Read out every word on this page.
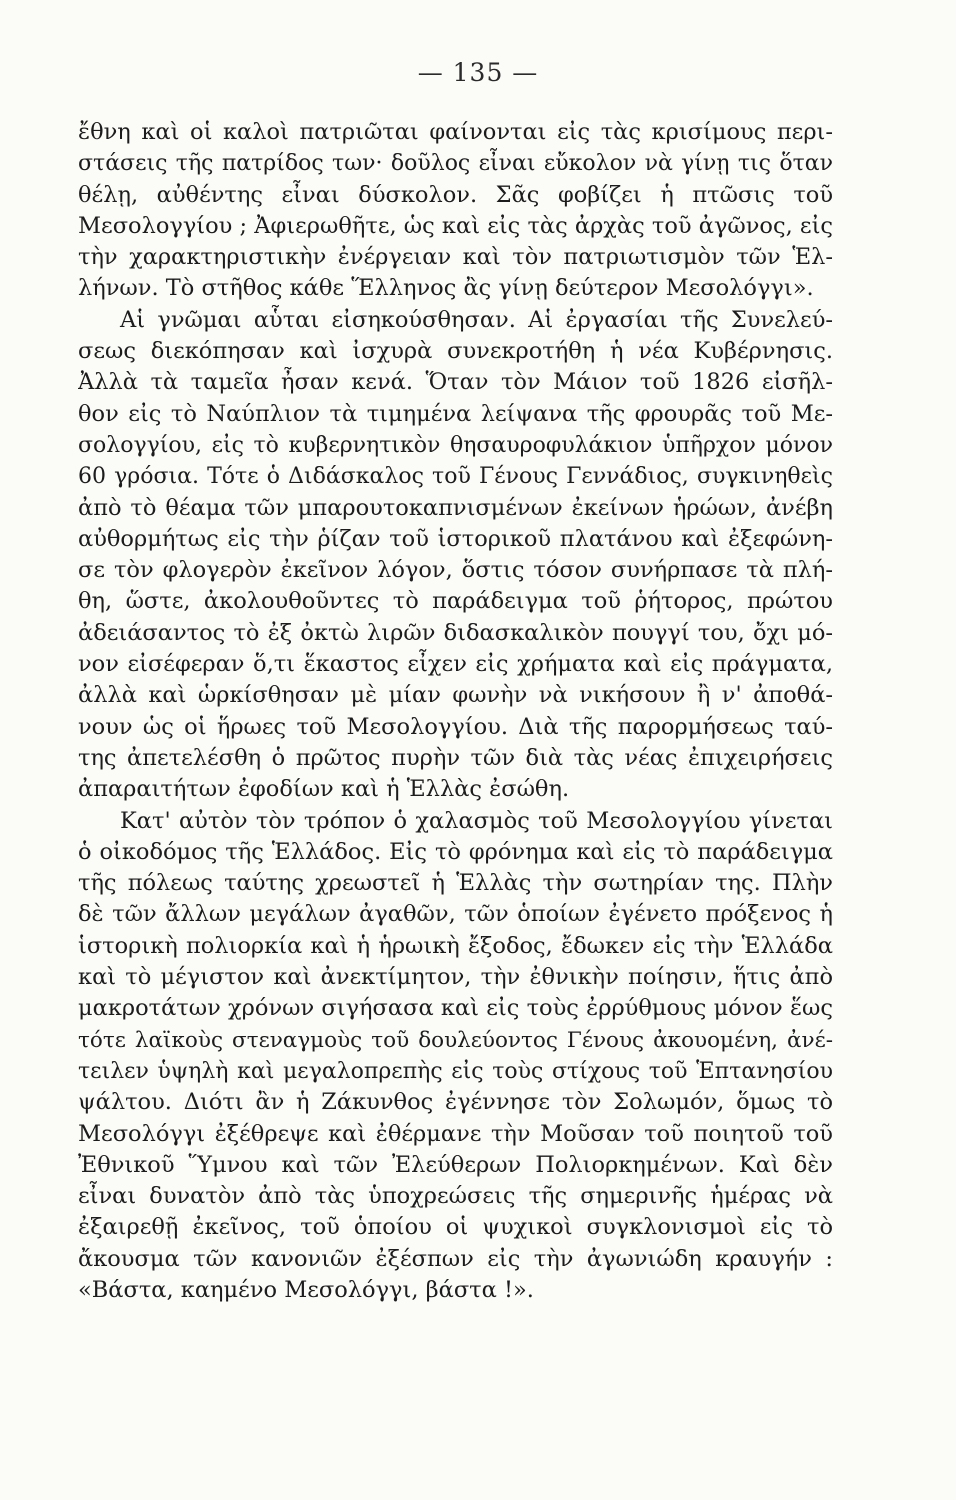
— 135 —
ἔθνη καὶ οἱ καλοὶ πατριῶται φαίνονται εἰς τὰς κρισίμους περι-
στάσεις τῆς πατρίδος των· δοῦλος εἶναι εὔκολον νὰ γίνῃ τις ὅταν
θέλῃ, αὐθέντης εἶναι δύσκολον. Σᾶς φοβίζει ἡ πτῶσις τοῦ
Μεσολογγίου ; Ἀφιερωθῆτε, ὡς καὶ εἰς τὰς ἀρχὰς τοῦ ἀγῶνος, εἰς
τὴν χαρακτηριστικὴν ἐνέργειαν καὶ τὸν πατριωτισμὸν τῶν Ἑλ-
λήνων. Τὸ στῆθος κάθε Ἕλληνος ἂς γίνῃ δεύτερον Μεσολόγγι».
Αἱ γνῶμαι αὗται εἰσηκούσθησαν. Αἱ ἐργασίαι τῆς Συνελεύ-
σεως διεκόπησαν καὶ ἰσχυρὰ συνεκροτήθη ἡ νέα Κυβέρνησις.
Ἀλλὰ τὰ ταμεῖα ἦσαν κενά. Ὅταν τὸν Μάιον τοῦ 1826 εἰσῆλ-
θον εἰς τὸ Ναύπλιον τὰ τιμημένα λείψανα τῆς φρουρᾶς τοῦ Με-
σολογγίου, εἰς τὸ κυβερνητικὸν θησαυροφυλάκιον ὑπῆρχον μόνον
60 γρόσια. Τότε ὁ Διδάσκαλος τοῦ Γένους Γεννάδιος, συγκινηθεὶς
ἀπὸ τὸ θέαμα τῶν μπαρουτοκαπνισμένων ἐκείνων ἡρώων, ἀνέβη
αὐθορμήτως εἰς τὴν ῥίζαν τοῦ ἱστορικοῦ πλατάνου καὶ ἐξεφώνη-
σε τὸν φλογερὸν ἐκεῖνον λόγον, ὅστις τόσον συνήρπασε τὰ πλή-
θη, ὥστε, ἀκολουθοῦντες τὸ παράδειγμα τοῦ ῥήτορος, πρώτου
ἀδειάσαντος τὸ ἐξ ὀκτὼ λιρῶν διδασκαλικὸν πουγγί του, ὄχι μό-
νον εἰσέφεραν ὅ,τι ἕκαστος εἶχεν εἰς χρήματα καὶ εἰς πράγματα,
ἀλλὰ καὶ ὡρκίσθησαν μὲ μίαν φωνὴν νὰ νικήσουν ἢ ν' ἀποθά-
νουν ὡς οἱ ἥρωες τοῦ Μεσολογγίου. Διὰ τῆς παρορμήσεως ταύ-
της ἀπετελέσθη ὁ πρῶτος πυρὴν τῶν διὰ τὰς νέας ἐπιχειρήσεις
ἀπαραιτήτων ἐφοδίων καὶ ἡ Ἑλλὰς ἐσώθη.
Κατ' αὐτὸν τὸν τρόπον ὁ χαλασμὸς τοῦ Μεσολογγίου γίνεται
ὁ οἰκοδόμος τῆς Ἑλλάδος. Εἰς τὸ φρόνημα καὶ εἰς τὸ παράδειγμα
τῆς πόλεως ταύτης χρεωστεῖ ἡ Ἑλλὰς τὴν σωτηρίαν της. Πλὴν
δὲ τῶν ἄλλων μεγάλων ἀγαθῶν, τῶν ὁποίων ἐγένετο πρόξενος ἡ
ἱστορικὴ πολιορκία καὶ ἡ ἡρωικὴ ἔξοδος, ἔδωκεν εἰς τὴν Ἑλλάδα
καὶ τὸ μέγιστον καὶ ἀνεκτίμητον, τὴν ἐθνικὴν ποίησιν, ἥτις ἀπὸ
μακροτάτων χρόνων σιγήσασα καὶ εἰς τοὺς ἐρρύθμους μόνον ἕως
τότε λαϊκοὺς στεναγμοὺς τοῦ δουλεύοντος Γένους ἀκουομένη, ἀνέ-
τειλεν ὑψηλὴ καὶ μεγαλοπρεπὴς εἰς τοὺς στίχους τοῦ Ἑπτανησίου
ψάλτου. Διότι ἂν ἡ Ζάκυνθος ἐγέννησε τὸν Σολωμόν, ὅμως τὸ
Μεσολόγγι ἐξέθρεψε καὶ ἐθέρμανε τὴν Μοῦσαν τοῦ ποιητοῦ τοῦ
Ἐθνικοῦ Ὕμνου καὶ τῶν Ἐλεύθερων Πολιορκημένων. Καὶ δὲν
εἶναι δυνατὸν ἀπὸ τὰς ὑποχρεώσεις τῆς σημερινῆς ἡμέρας νὰ
ἐξαιρεθῇ ἐκεῖνος, τοῦ ὁποίου οἱ ψυχικοὶ συγκλονισμοὶ εἰς τὸ
ἄκουσμα τῶν κανονιῶν ἐξέσπων εἰς τὴν ἀγωνιώδη κραυγήν :
«Βάστα, καημένο Μεσολόγγι, βάστα !».
